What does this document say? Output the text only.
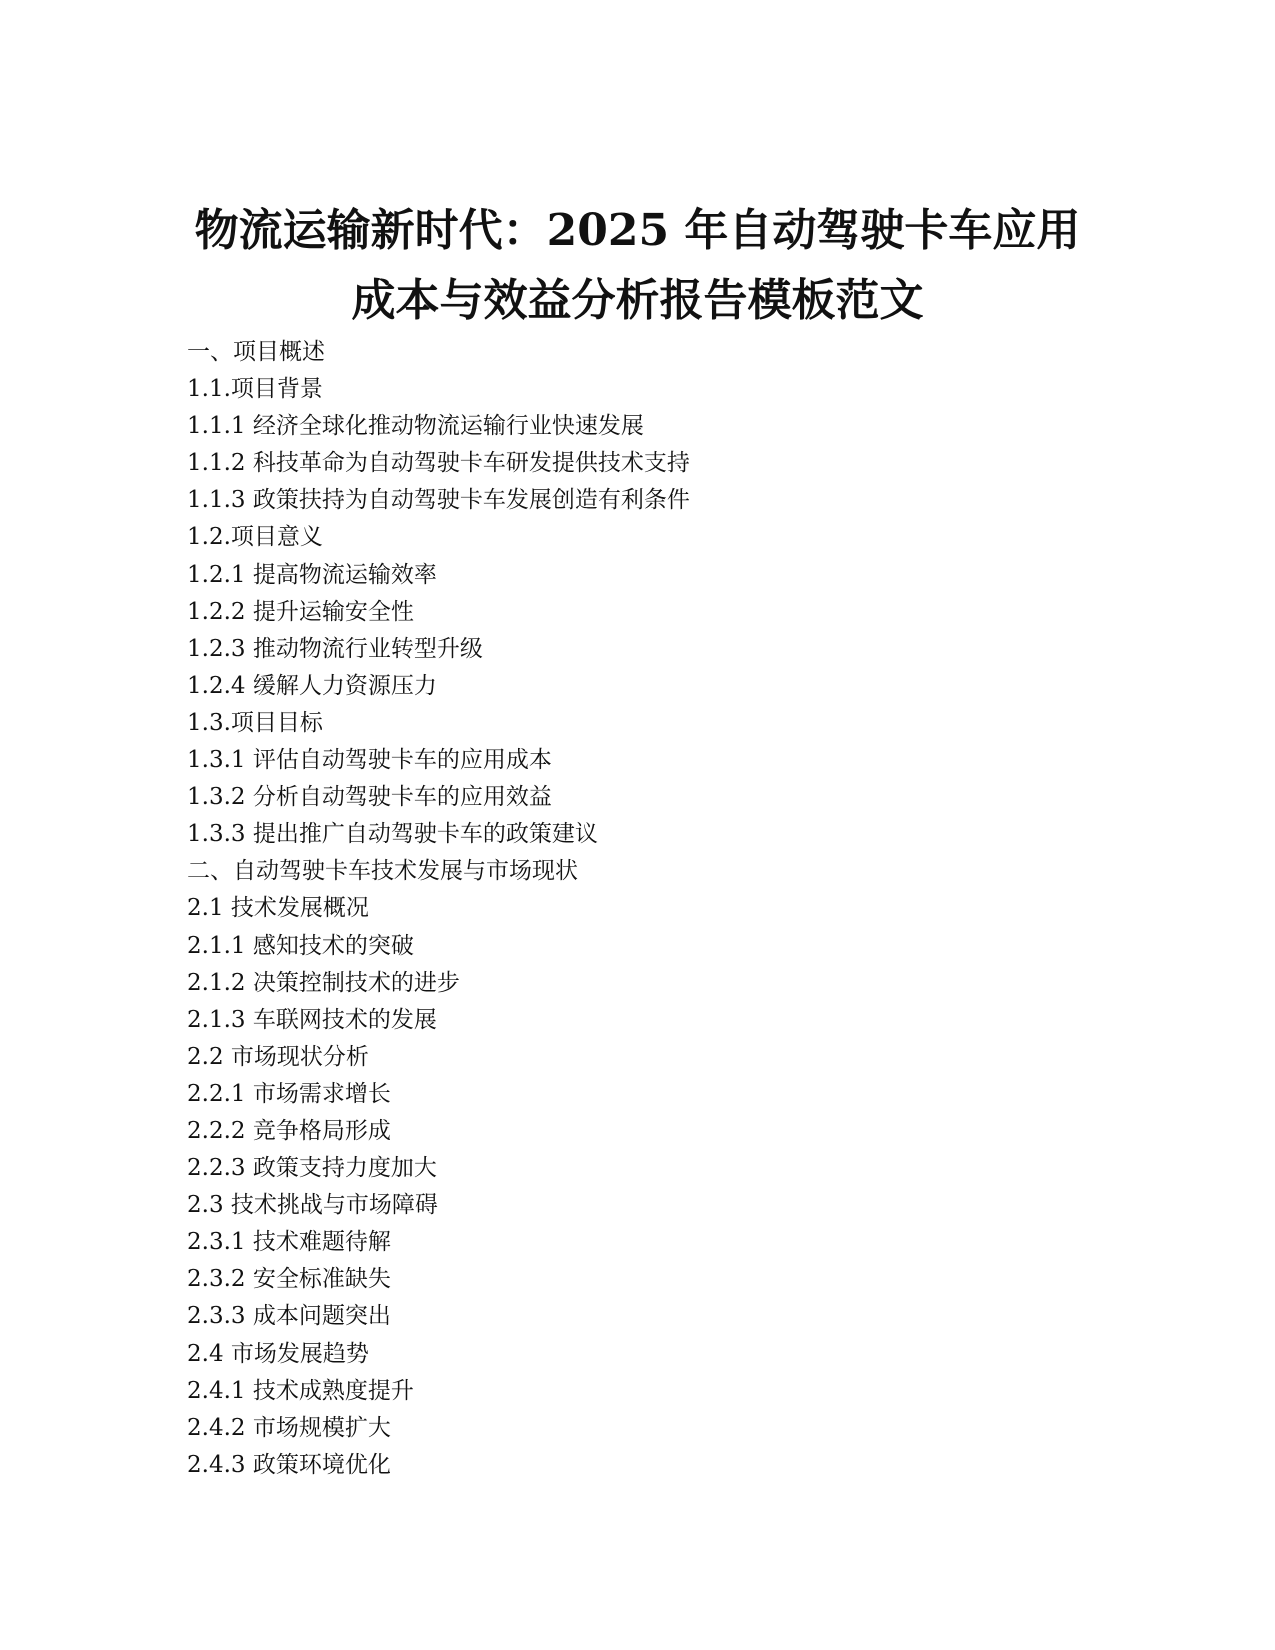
物流运输新时代：2025 年自动驾驶卡车应用
成本与效益分析报告模板范文
一、项目概述
1.1.项目背景
1.1.1 经济全球化推动物流运输行业快速发展
1.1.2 科技革命为自动驾驶卡车研发提供技术支持
1.1.3 政策扶持为自动驾驶卡车发展创造有利条件
1.2.项目意义
1.2.1 提高物流运输效率
1.2.2 提升运输安全性
1.2.3 推动物流行业转型升级
1.2.4 缓解人力资源压力
1.3.项目目标
1.3.1 评估自动驾驶卡车的应用成本
1.3.2 分析自动驾驶卡车的应用效益
1.3.3 提出推广自动驾驶卡车的政策建议
二、自动驾驶卡车技术发展与市场现状
2.1 技术发展概况
2.1.1 感知技术的突破
2.1.2 决策控制技术的进步
2.1.3 车联网技术的发展
2.2 市场现状分析
2.2.1 市场需求增长
2.2.2 竞争格局形成
2.2.3 政策支持力度加大
2.3 技术挑战与市场障碍
2.3.1 技术难题待解
2.3.2 安全标准缺失
2.3.3 成本问题突出
2.4 市场发展趋势
2.4.1 技术成熟度提升
2.4.2 市场规模扩大
2.4.3 政策环境优化
